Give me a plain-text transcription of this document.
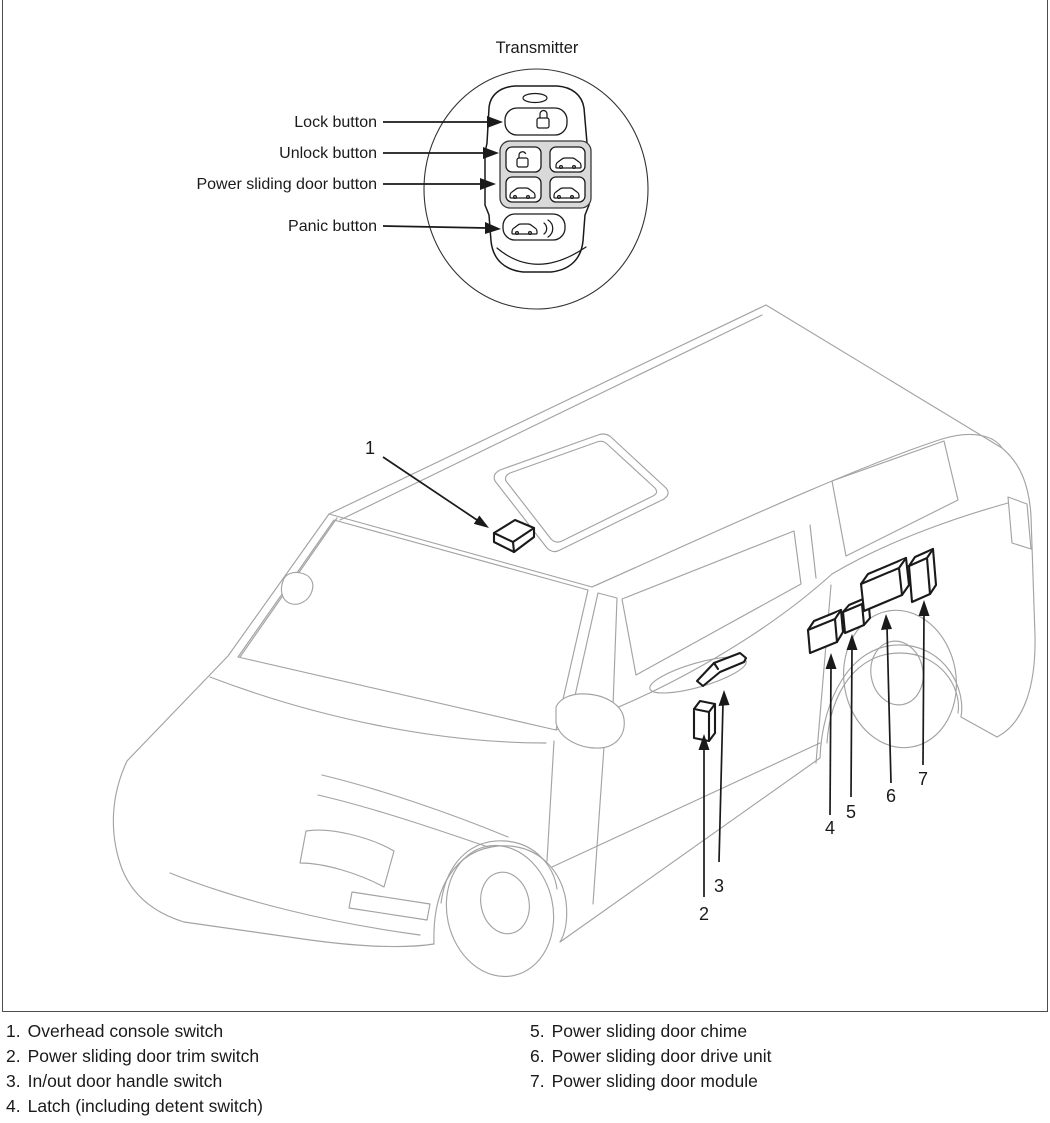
Transmitter
Lock button
Unlock button
Power sliding door button
Panic button
1
2
3
4
5
6
7
1. Overhead console switch
2. Power sliding door trim switch
3. In/out door handle switch
4. Latch (including detent switch)
5. Power sliding door chime
6. Power sliding door drive unit
7. Power sliding door module
